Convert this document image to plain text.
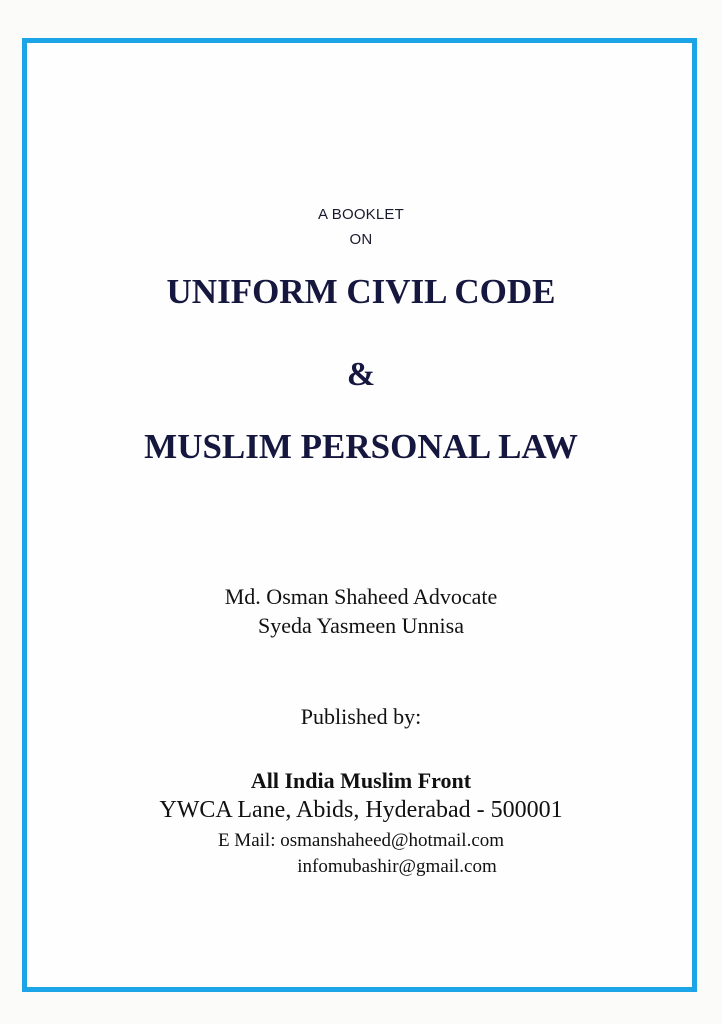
A BOOKLET
ON
UNIFORM CIVIL CODE
&
MUSLIM PERSONAL LAW
Md. Osman Shaheed Advocate
Syeda Yasmeen Unnisa
Published by:
All India Muslim Front
YWCA Lane, Abids, Hyderabad - 500001
E Mail: osmanshaheed@hotmail.com
infomubashir@gmail.com
